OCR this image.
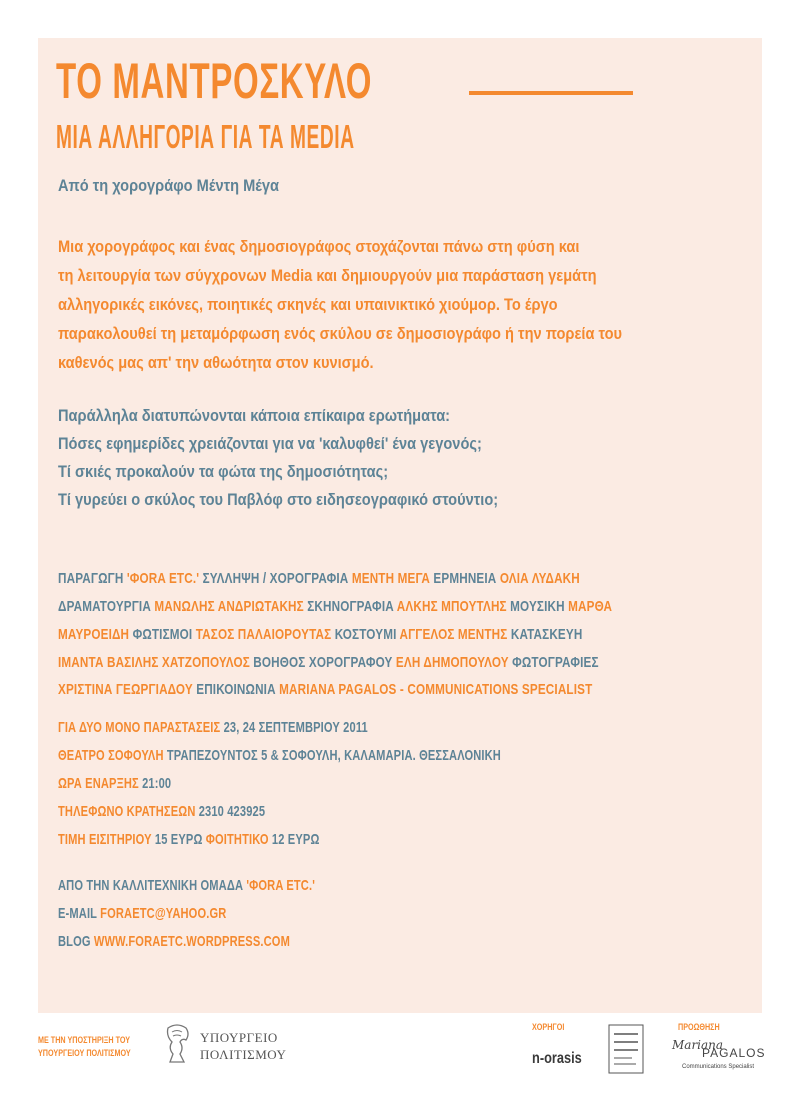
ΤΟ ΜΑΝΤΡΟΣΚΥΛΟ
ΜΙΑ ΑΛΛΗΓΟΡΙΑ ΓΙΑ ΤΑ MEDIA
Από τη χορογράφο Μέντη Μέγα
Μια χορογράφος και ένας δημοσιογράφος στοχάζονται πάνω στη φύση και
τη λειτουργία των σύγχρονων Media και δημιουργούν μια παράσταση γεμάτη
αλληγορικές εικόνες, ποιητικές σκηνές και υπαινικτικό χιούμορ. Το έργο
παρακολουθεί τη μεταμόρφωση ενός σκύλου σε δημοσιογράφο ή την πορεία του
καθενός μας απ' την αθωότητα στον κυνισμό.
Παράλληλα διατυπώνονται κάποια επίκαιρα ερωτήματα:
Πόσες εφημερίδες χρειάζονται για να 'καλυφθεί' ένα γεγονός;
Τί σκιές προκαλούν τα φώτα της δημοσιότητας;
Τί γυρεύει ο σκύλος του Παβλόφ στο ειδησεογραφικό στούντιο;
ΠΑΡΑΓΩΓΗ 'ΦΟRA ETC.' ΣΥΛΛΗΨΗ / ΧΟΡΟΓΡΑΦΙΑ ΜΕΝΤΗ ΜΕΓΑ ΕΡΜΗΝΕΙΑ ΟΛΙΑ ΛΥΔΑΚΗ
ΔΡΑΜΑΤΟΥΡΓΙΑ ΜΑΝΩΛΗΣ ΑΝΔΡΙΩΤΑΚΗΣ ΣΚΗΝΟΓΡΑΦΙΑ ΑΛΚΗΣ ΜΠΟΥΤΛΗΣ ΜΟΥΣΙΚΗ ΜΑΡΘΑ
ΜΑΥΡΟΕΙΔΗ ΦΩΤΙΣΜΟΙ ΤΑΣΟΣ ΠΑΛΑΙΟΡΟΥΤΑΣ ΚΟΣΤΟΥΜΙ ΑΓΓΕΛΟΣ ΜΕΝΤΗΣ ΚΑΤΑΣΚΕΥΗ
ΙΜΑΝΤΑ ΒΑΣΙΛΗΣ ΧΑΤΖΟΠΟΥΛΟΣ ΒΟΗΘΟΣ ΧΟΡΟΓΡΑΦΟΥ ΕΛΗ ΔΗΜΟΠΟΥΛΟΥ ΦΩΤΟΓΡΑΦΙΕΣ
ΧΡΙΣΤΙΝΑ ΓΕΩΡΓΙΑΔΟΥ ΕΠΙΚΟΙΝΩΝΙΑ MARIANA PAGALOS - COMMUNICATIONS SPECIALIST
ΓΙΑ ΔΥΟ ΜΟΝΟ ΠΑΡΑΣΤΑΣΕΙΣ 23, 24 ΣΕΠΤΕΜΒΡΙΟΥ 2011
ΘΕΑΤΡΟ ΣΟΦΟΥΛΗ ΤΡΑΠΕΖΟΥΝΤΟΣ 5 & ΣΟΦΟΥΛΗ, ΚΑΛΑΜΑΡΙΑ. ΘΕΣΣΑΛΟΝΙΚΗ
ΩΡΑ ΕΝΑΡΞΗΣ 21:00
ΤΗΛΕΦΩΝΟ ΚΡΑΤΗΣΕΩΝ 2310 423925
ΤΙΜΗ ΕΙΣΙΤΗΡΙΟΥ 15 ΕΥΡΩ ΦΟΙΤΗΤΙΚΟ 12 ΕΥΡΩ
ΑΠΟ ΤΗΝ ΚΑΛΛΙΤΕΧΝΙΚΗ ΟΜΑΔΑ 'ΦΟRA ETC.'
E-MAIL FORAETC@YAHOO.GR
BLOG WWW.FORAETC.WORDPRESS.COM
ΜΕ ΤΗΝ ΥΠΟΣΤΗΡΙΞΗ ΤΟΥ
ΥΠΟΥΡΓΕΙΟΥ ΠΟΛΙΤΙΣΜΟΥ
ΥΠΟΥΡΓΕΙΟ
ΠΟΛΙΤΙΣΜΟΥ
ΧΟΡΗΓΟΙ
n-orasis
ΠΡΟΩΘΗΣΗ
Mariana
PAGALOS
Communications Specialist
